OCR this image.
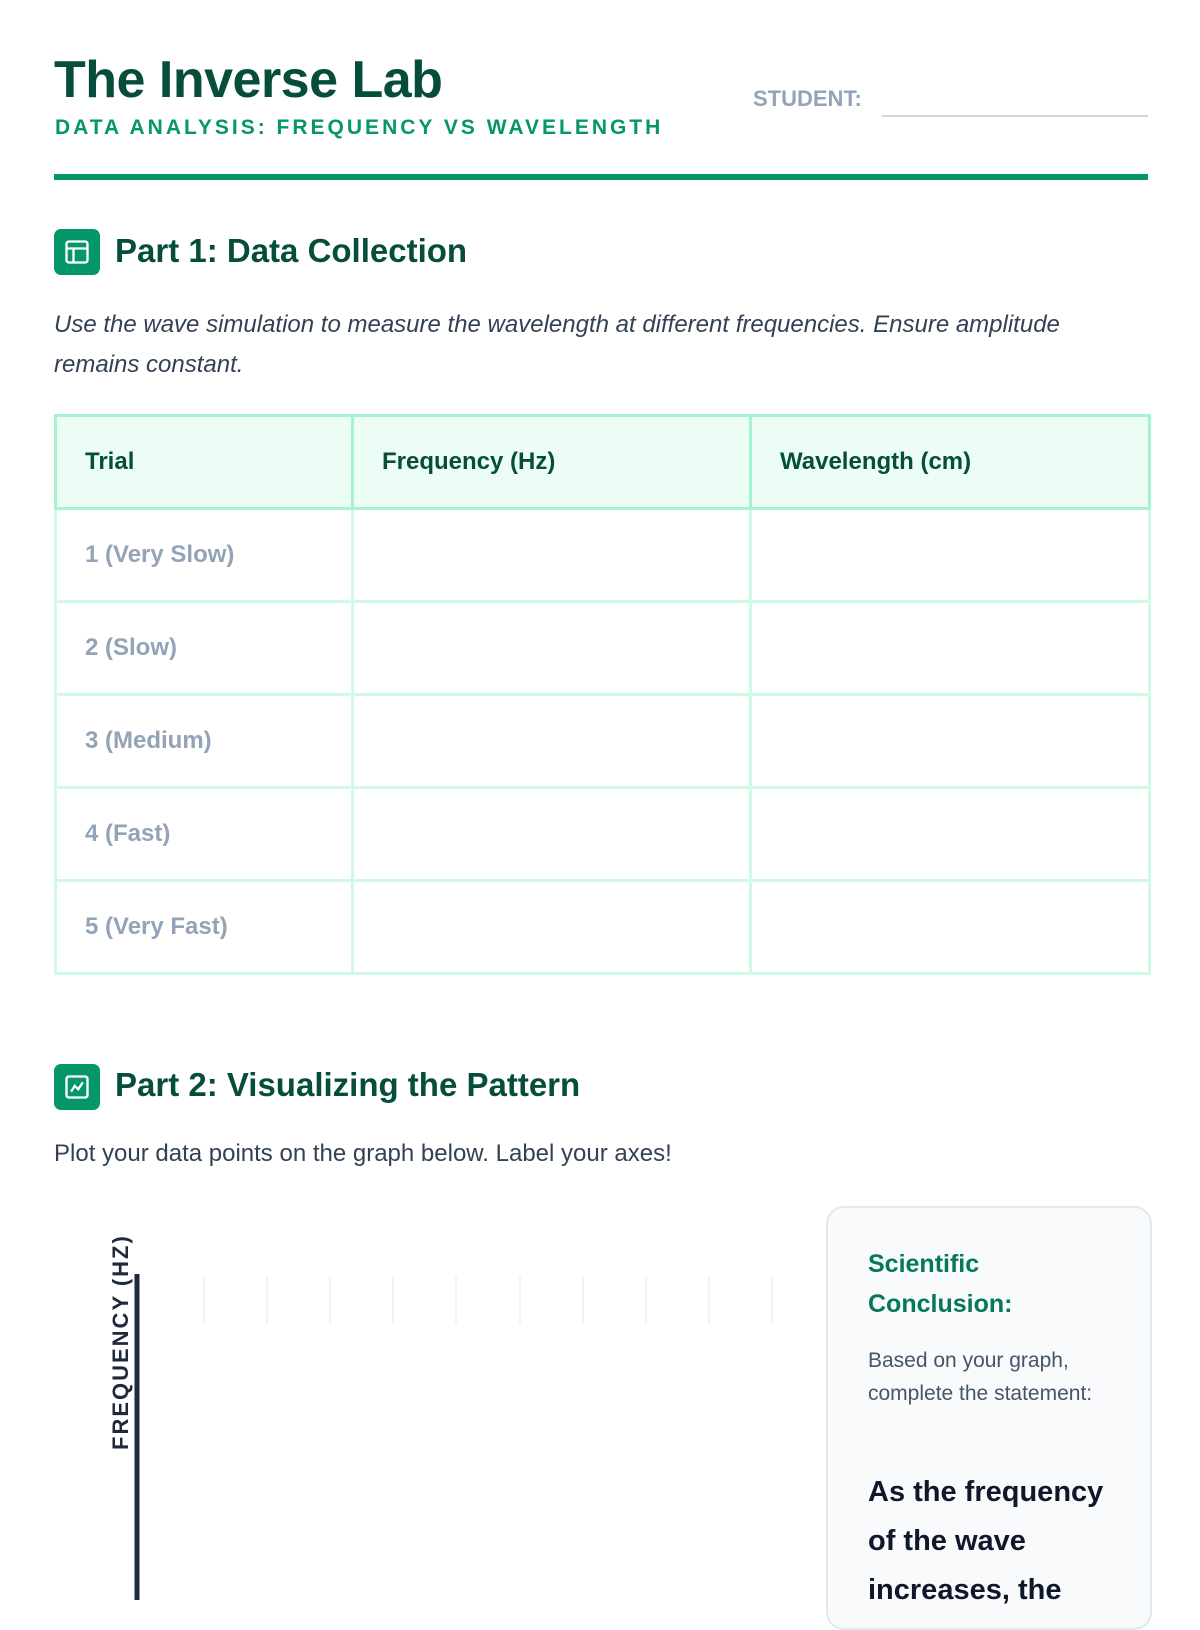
The Inverse Lab
DATA ANALYSIS: FREQUENCY VS WAVELENGTH
STUDENT:
Part 1: Data Collection

Use the wave simulation to measure the wavelength at different frequencies. Ensure amplitude remains constant.

Trial	Frequency (Hz)	Wavelength (cm)
1 (Very Slow)		
2 (Slow)		
3 (Medium)		
4 (Fast)		
5 (Very Fast)		
Part 2: Visualizing the Pattern

Plot your data points on the graph below. Label your axes!

FREQUENCY (HZ)	Scientific Conclusion:

Based on your graph, complete the statement:

As the frequency of the wave increases, the
